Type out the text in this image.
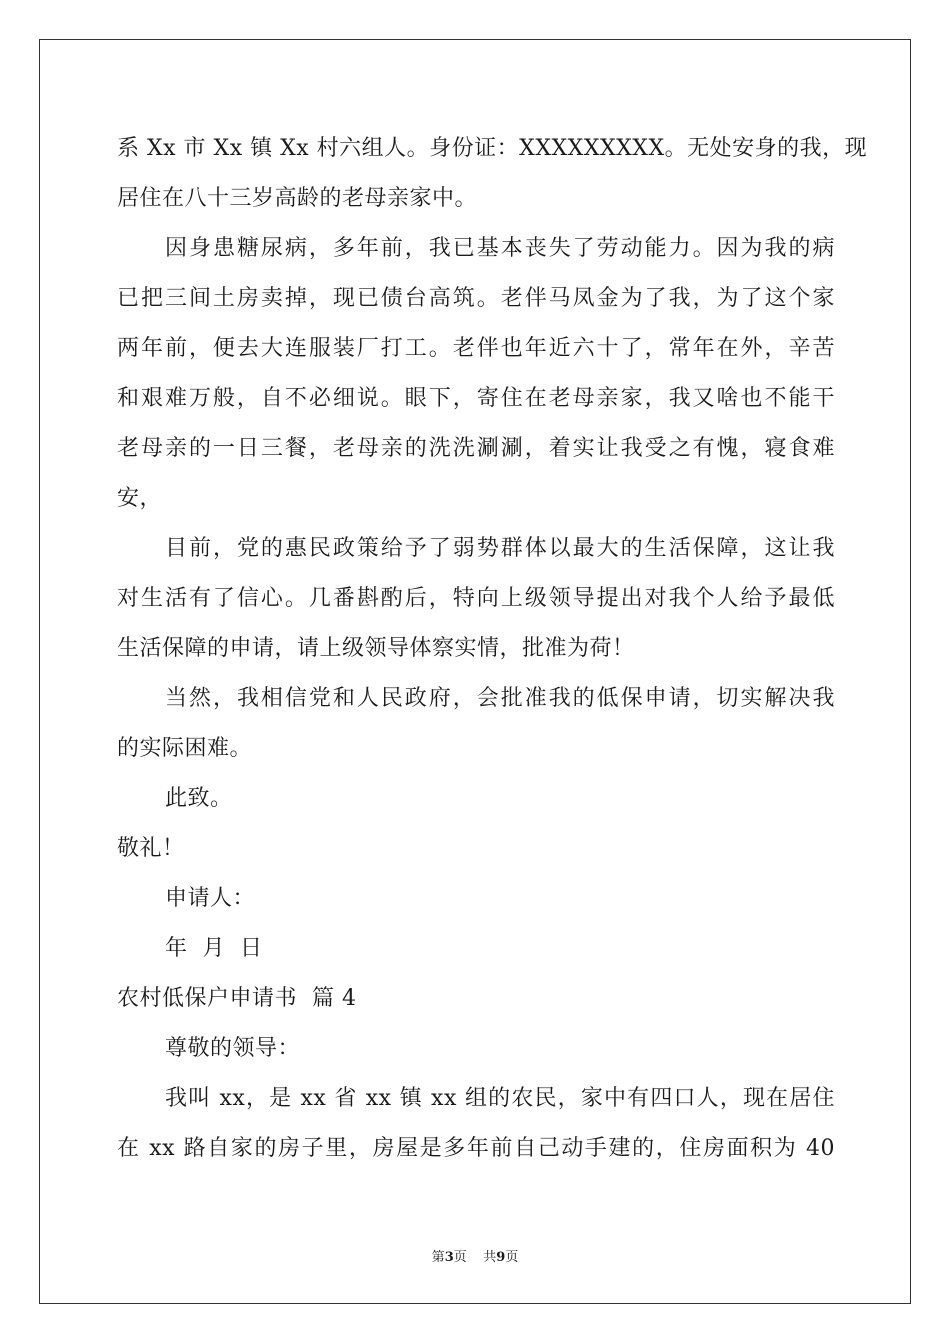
系 Xx 市 Xx 镇 Xx 村六组人。身份证：XXXXXXXXX。无处安身的我，现
居住在八十三岁高龄的老母亲家中。
因身患糖尿病，多年前，我已基本丧失了劳动能力。因为我的病
已把三间土房卖掉，现已债台高筑。老伴马凤金为了我，为了这个家
两年前，便去大连服装厂打工。老伴也年近六十了，常年在外，辛苦
和艰难万般，自不必细说。眼下，寄住在老母亲家，我又啥也不能干
老母亲的一日三餐，老母亲的洗洗涮涮，着实让我受之有愧，寝食难
安，
目前，党的惠民政策给予了弱势群体以最大的生活保障，这让我
对生活有了信心。几番斟酌后，特向上级领导提出对我个人给予最低
生活保障的申请，请上级领导体察实情，批准为荷！
当然，我相信党和人民政府，会批准我的低保申请，切实解决我
的实际困难。
此致。
敬礼！
申请人：
年  月  日
农村低保户申请书  篇 4
尊敬的领导：
我叫 xx，是 xx 省 xx 镇 xx 组的农民，家中有四口人，现在居住
在 xx 路自家的房子里，房屋是多年前自己动手建的，住房面积为 40
第3页    共9页
